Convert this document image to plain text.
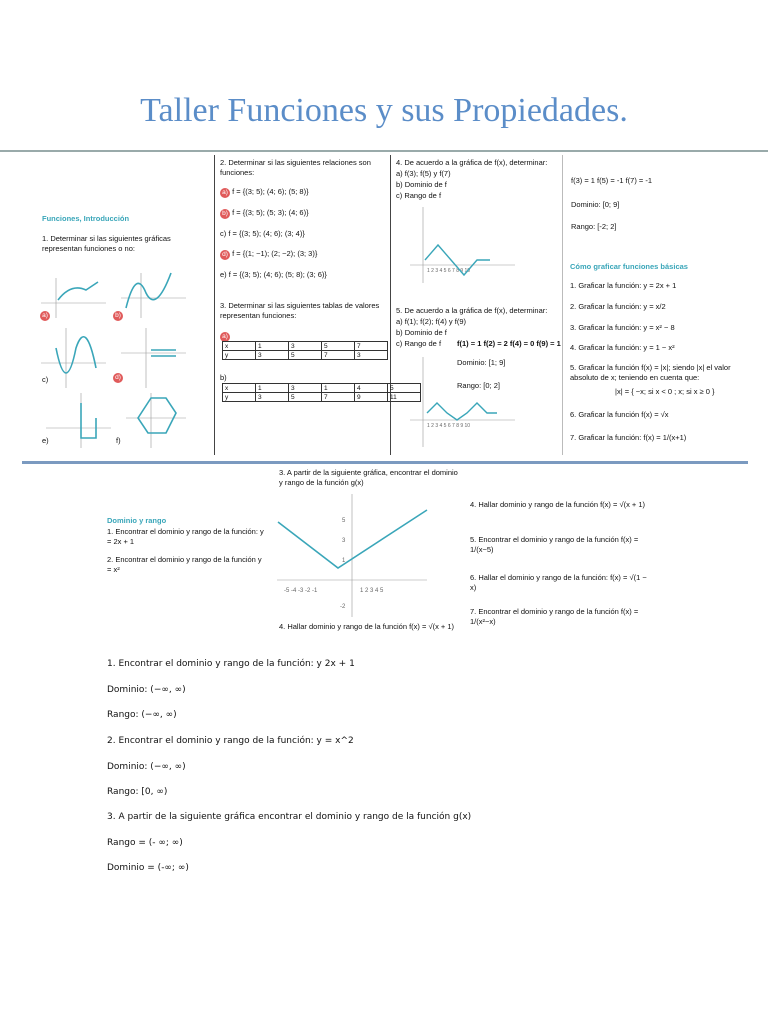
Taller Funciones y sus Propiedades.
Funciones, Introducción
1. Determinar si las siguientes gráficas representan funciones o no:
a)	b)
c)	d)
e)	f)
2. Determinar si las siguientes relaciones son funciones:
a) f = {(3; 5); (4; 6); (5; 8)}
b) f = {(3; 5); (5; 3); (4; 6)}
c) f = {(3; 5); (4; 6); (3; 4)}
d) f = {(1; −1); (2; −2); (3; 3)}
e) f = {(3; 5); (4; 6); (5; 8); (3; 6)}
3. Determinar si las siguientes tablas de valores representan funciones:
a)
x	1	3	5	7
y	3	5	7	3
b)
x	1	3	1	4	5
y	3	5	7	9	11
4. De acuerdo a la gráfica de f(x), determinar:
a) f(3); f(5) y f(7)
b) Dominio de f
c) Rango de f
f(3) = 1 f(5) = -1 f(7) = -1
Dominio: [0; 9]
Rango: [-2; 2]
1 2 3 4 5 6 7 8 9 10
5. De acuerdo a la gráfica de f(x), determinar:
a) f(1); f(2); f(4) y f(9)
b) Dominio de f
c) Rango de f f(1) = 1 f(2) = 2 f(4) = 0 f(9) = 1
Dominio: [1; 9]
Rango: [0; 2]
1 2 3 4 5 6 7 8 9 10
Cómo graficar funciones básicas
1. Graficar la función: y = 2x + 1
2. Graficar la función: y = x/2
3. Graficar la función: y = x² − 8
4. Graficar la función: y = 1 − x²
5. Graficar la función f(x) = |x|; siendo |x| el valor absoluto de x; teniendo en cuenta que:
|x| = { −x; si x < 0 ; x; si x ≥ 0 }
6. Graficar la función f(x) = √x
7. Graficar la función: f(x) = 1/(x+1)
Dominio y rango
1. Encontrar el dominio y rango de la función: y = 2x + 1
2. Encontrar el dominio y rango de la función y = x²
3. A partir de la siguiente gráfica, encontrar el dominio y rango de la función g(x)
-5 -4 -3 -2 -1	1 2 3 4 5
5
3
1
-2
4. Hallar dominio y rango de la función f(x) = √(x + 1)
4. Hallar dominio y rango de la función f(x) = √(x + 1)
5. Encontrar el dominio y rango de la función f(x) = 1/(x−5)
6. Hallar el dominio y rango de la función: f(x) = √(1 − x)
7. Encontrar el dominio y rango de la función f(x) = 1/(x²−x)
1. Encontrar el dominio y rango de la función: y 2x + 1
Dominio: (−∞, ∞)
Rango: (−∞, ∞)
2. Encontrar el dominio y rango de la función: y = x^2
Dominio: (−∞, ∞)
Rango: [0, ∞)
3. A partir de la siguiente gráfica encontrar el dominio y rango de la función g(x)
Rango = (- ∞; ∞)
Dominio = (-∞; ∞)
